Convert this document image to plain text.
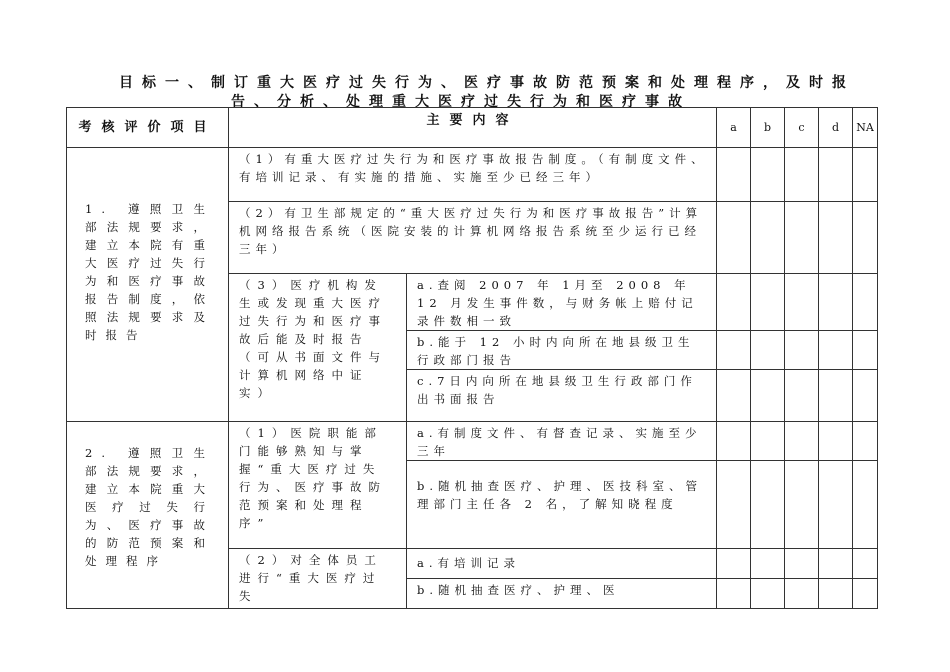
目标一、制订重大医疗过失行为、医疗事故防范预案和处理程序，及时报
告、分析、处理重大医疗过失行为和医疗事故
考核评价项目	主要内容		a	b	c	d	NA

1. 遵照卫生部法规要求，建立本院有重大医疗过失行为和医疗事故报告制度，依照法规要求及时报告	（1）有重大医疗过失行为和医疗事故报告制度。（有制度文件、有培训记录、有实施的措施、实施至少已经三年）						

	（2）有卫生部规定的“重大医疗过失行为和医疗事故报告”计算机网络报告系统（医院安装的计算机网络报告系统至少运行已经三年）						

	（3）医疗机构发生或发现重大医疗过失行为和医疗事故后能及时报告（可从书面文件与计算机网络中证实）	a.查阅 2007 年 1月至 2008 年 12 月发生事件数，与财务帐上赔付记录件数相一致					

		b.能于 12 小时内向所在地县级卫生行政部门报告					

		c.7日内向所在地县级卫生行政部门作出书面报告					

2. 遵照卫生部法规要求，建立本院重大医疗过失行为、医疗事故的防范预案和处理程序	（1）医院职能部门能够熟知与掌握“重大医疗过失行为、医疗事故防范预案和处理程序”	a.有制度文件、有督查记录、实施至少三年					

		b.随机抽查医疗、护理、医技科室、管理部门主任各 2 名，了解知晓程度					

	（2）对全体员工进行“重大医疗过失	a.有培训记录					

		b.随机抽查医疗、护理、医					
